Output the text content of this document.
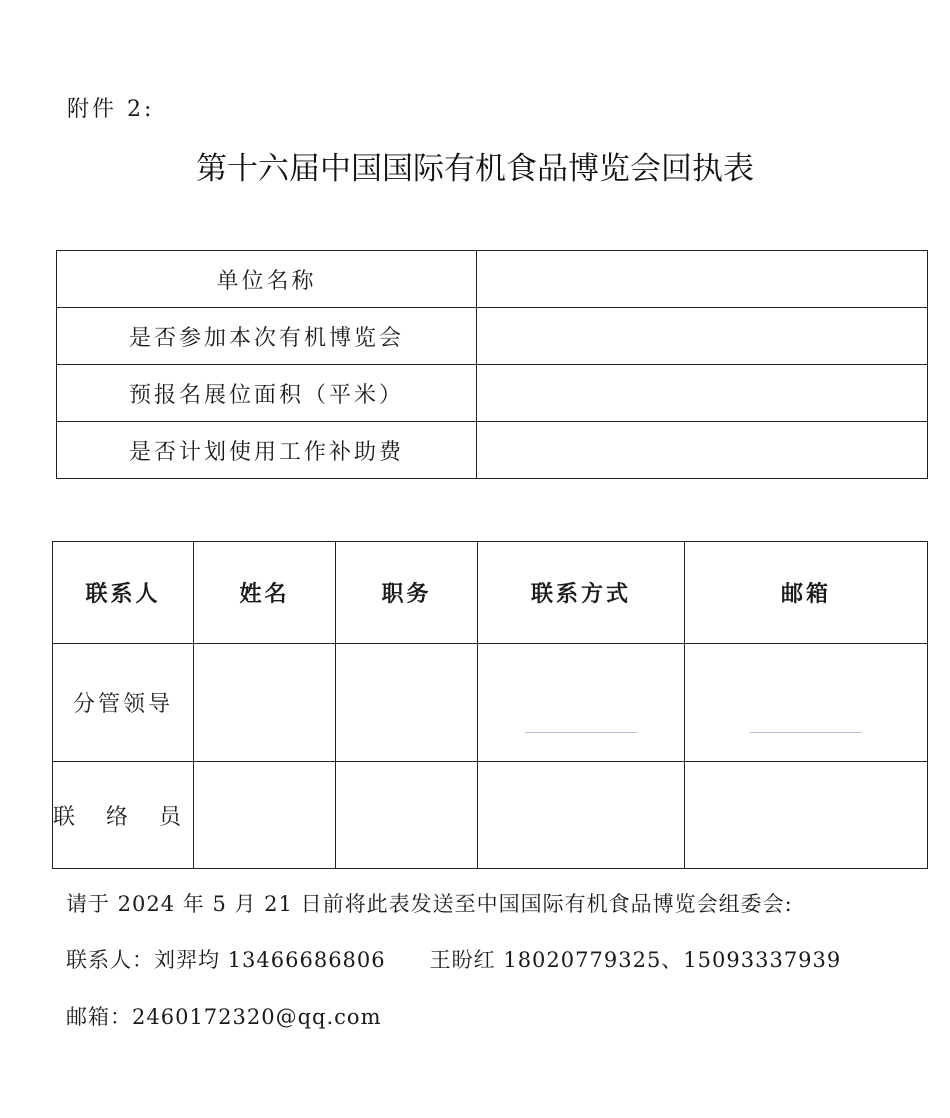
附件 2:
第十六届中国国际有机食品博览会回执表
单位名称	
是否参加本次有机博览会	
预报名展位面积（平米）	
是否计划使用工作补助费	
联系人	姓名	职务	联系方式	邮箱
分管领导			

联 络 员				
请于 2024 年 5 月 21 日前将此表发送至中国国际有机食品博览会组委会:
联系人：刘羿均 13466686806 王盼红 18020779325、15093337939
邮箱：2460172320@qq.com
